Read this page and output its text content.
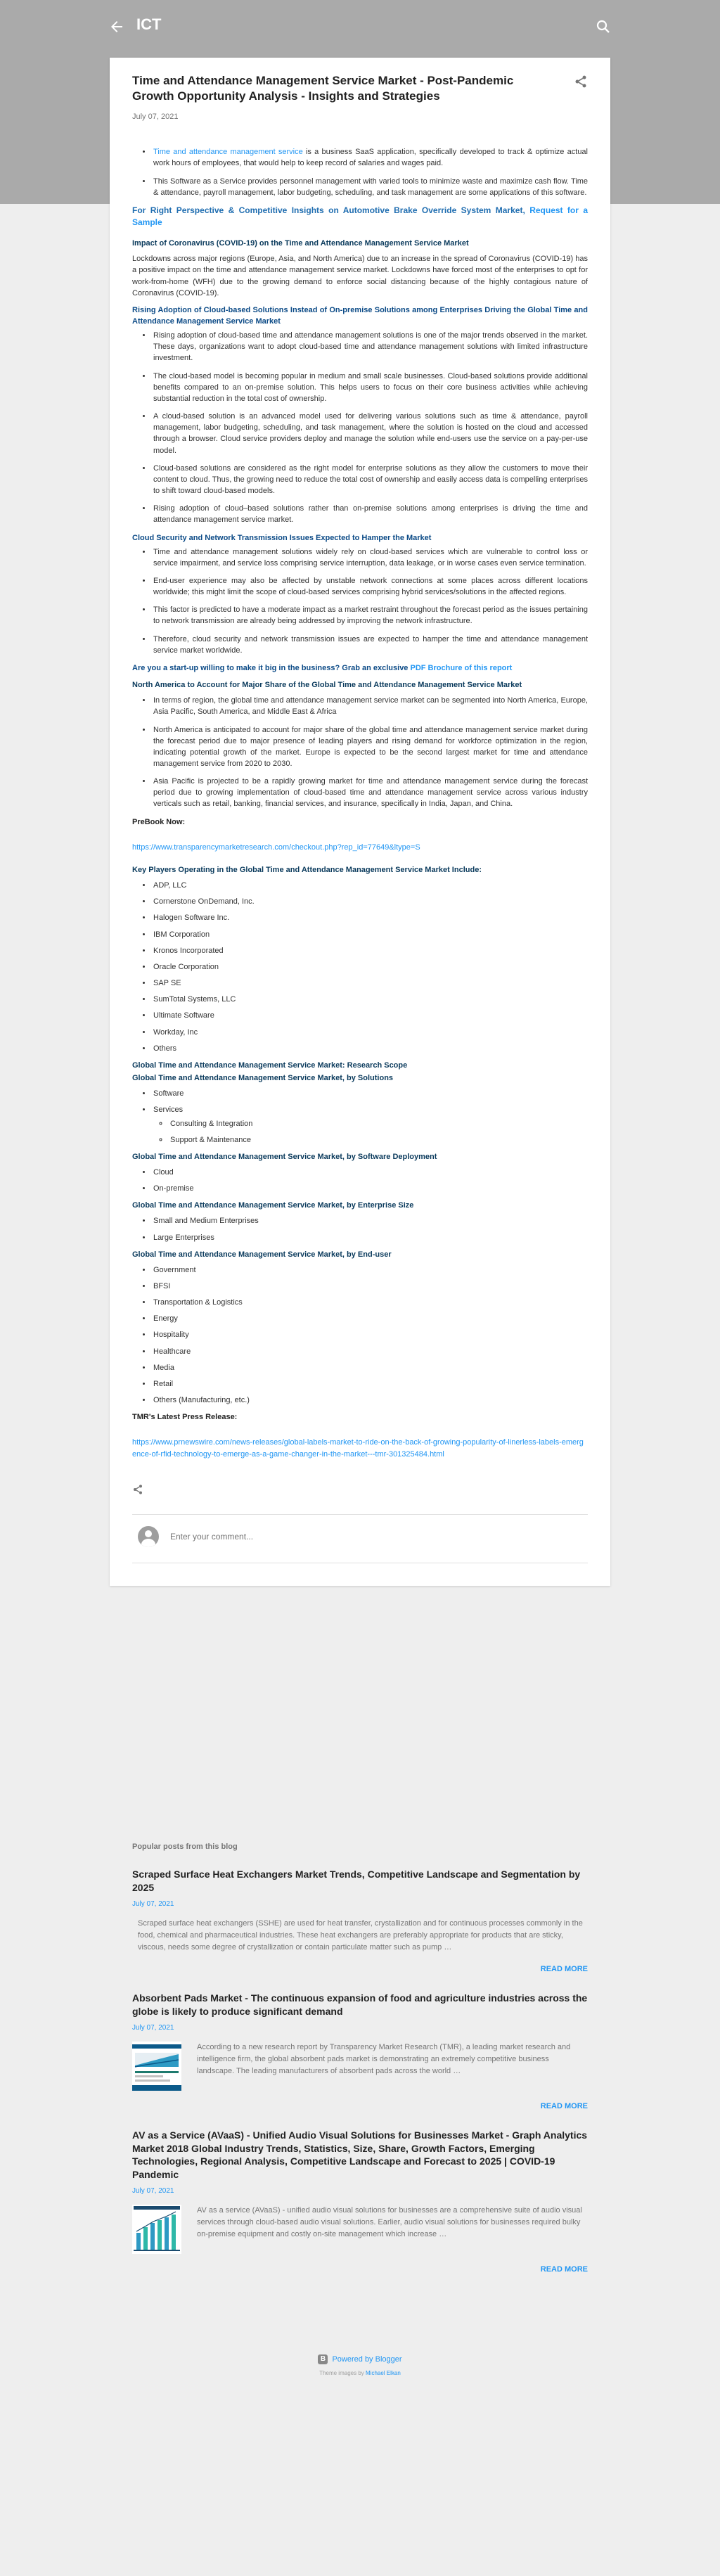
ICT
Time and Attendance Management Service Market - Post-Pandemic Growth Opportunity Analysis - Insights and Strategies
July 07, 2021
• Time and attendance management service is a business SaaS application, specifically developed to track & optimize actual work hours of employees, that would help to keep record of salaries and wages paid.
• This Software as a Service provides personnel management with varied tools to minimize waste and maximize cash flow. Time & attendance, payroll management, labor budgeting, scheduling, and task management are some applications of this software.
For Right Perspective & Competitive Insights on Automotive Brake Override System Market, Request for a Sample
Impact of Coronavirus (COVID-19) on the Time and Attendance Management Service Market

Lockdowns across major regions (Europe, Asia, and North America) due to an increase in the spread of Coronavirus (COVID-19) has a positive impact on the time and attendance management service market. Lockdowns have forced most of the enterprises to opt for work-from-home (WFH) due to the growing demand to enforce social distancing because of the highly contagious nature of Coronavirus (COVID-19).

Rising Adoption of Cloud-based Solutions Instead of On-premise Solutions among Enterprises Driving the Global Time and Attendance Management Service Market
• Rising adoption of cloud-based time and attendance management solutions is one of the major trends observed in the market. These days, organizations want to adopt cloud-based time and attendance management solutions with limited infrastructure investment.
• The cloud-based model is becoming popular in medium and small scale businesses. Cloud-based solutions provide additional benefits compared to an on-premise solution. This helps users to focus on their core business activities while achieving substantial reduction in the total cost of ownership.
• A cloud-based solution is an advanced model used for delivering various solutions such as time & attendance, payroll management, labor budgeting, scheduling, and task management, where the solution is hosted on the cloud and accessed through a browser. Cloud service providers deploy and manage the solution while end-users use the service on a pay-per-use model.
• Cloud-based solutions are considered as the right model for enterprise solutions as they allow the customers to move their content to cloud. Thus, the growing need to reduce the total cost of ownership and easily access data is compelling enterprises to shift toward cloud-based models.
• Rising adoption of cloud–based solutions rather than on-premise solutions among enterprises is driving the time and attendance management service market.
Cloud Security and Network Transmission Issues Expected to Hamper the Market
• Time and attendance management solutions widely rely on cloud-based services which are vulnerable to control loss or service impairment, and service loss comprising service interruption, data leakage, or in worse cases even service termination.
• End-user experience may also be affected by unstable network connections at some places across different locations worldwide; this might limit the scope of cloud-based services comprising hybrid services/solutions in the affected regions.
• This factor is predicted to have a moderate impact as a market restraint throughout the forecast period as the issues pertaining to network transmission are already being addressed by improving the network infrastructure.
• Therefore, cloud security and network transmission issues are expected to hamper the time and attendance management service market worldwide.
Are you a start-up willing to make it big in the business? Grab an exclusive PDF Brochure of this report
North America to Account for Major Share of the Global Time and Attendance Management Service Market
• In terms of region, the global time and attendance management service market can be segmented into North America, Europe, Asia Pacific, South America, and Middle East & Africa
• North America is anticipated to account for major share of the global time and attendance management service market during the forecast period due to major presence of leading players and rising demand for workforce optimization in the region, indicating potential growth of the market. Europe is expected to be the second largest market for time and attendance management service from 2020 to 2030.
• Asia Pacific is projected to be a rapidly growing market for time and attendance management service during the forecast period due to growing implementation of cloud-based time and attendance management service across various industry verticals such as retail, banking, financial services, and insurance, specifically in India, Japan, and China.
PreBook Now:
https://www.transparencymarketresearch.com/checkout.php?rep_id=77649&ltype=S
Key Players Operating in the Global Time and Attendance Management Service Market Include:
• ADP, LLC
• Cornerstone OnDemand, Inc.
• Halogen Software Inc.
• IBM Corporation
• Kronos Incorporated
• Oracle Corporation
• SAP SE
• SumTotal Systems, LLC
• Ultimate Software
• Workday, Inc
• Others
Global Time and Attendance Management Service Market: Research Scope
Global Time and Attendance Management Service Market, by Solutions
• Software
• Services
◦ Consulting & Integration
◦ Support & Maintenance
Global Time and Attendance Management Service Market, by Software Deployment
• Cloud
• On-premise
Global Time and Attendance Management Service Market, by Enterprise Size
• Small and Medium Enterprises
• Large Enterprises
Global Time and Attendance Management Service Market, by End-user
• Government
• BFSI
• Transportation & Logistics
• Energy
• Hospitality
• Healthcare
• Media
• Retail
• Others (Manufacturing, etc.)
TMR's Latest Press Release:
https://www.prnewswire.com/news-releases/global-labels-market-to-ride-on-the-back-of-growing-popularity-of-linerless-labels-emergence-of-rfid-technology-to-emerge-as-a-game-changer-in-the-market---tmr-301325484.html
Enter your comment...
Popular posts from this blog
Scraped Surface Heat Exchangers Market Trends, Competitive Landscape and Segmentation by 2025
July 07, 2021
Scraped surface heat exchangers (SSHE) are used for heat transfer, crystallization and for continuous processes commonly in the food, chemical and pharmaceutical industries. These heat exchangers are preferably appropriate for products that are sticky, viscous, needs some degree of crystallization or contain particulate matter such as pump …
READ MORE
Absorbent Pads Market - The continuous expansion of food and agriculture industries across the globe is likely to produce significant demand
July 07, 2021
According to a new research report by Transparency Market Research (TMR), a leading market research and intelligence firm, the global absorbent pads market is demonstrating an extremely competitive business landscape. The leading manufacturers of absorbent pads across the world …
READ MORE
AV as a Service (AVaaS) - Unified Audio Visual Solutions for Businesses Market - Graph Analytics Market 2018 Global Industry Trends, Statistics, Size, Share, Growth Factors, Emerging Technologies, Regional Analysis, Competitive Landscape and Forecast to 2025 | COVID-19 Pandemic
July 07, 2021
AV as a service (AVaaS) - unified audio visual solutions for businesses are a comprehensive suite of audio visual services through cloud-based audio visual solutions. Earlier, audio visual solutions for businesses required bulky on-premise equipment and costly on-site management which increase …
READ MORE
B Powered by Blogger
Theme images by Michael Elkan
